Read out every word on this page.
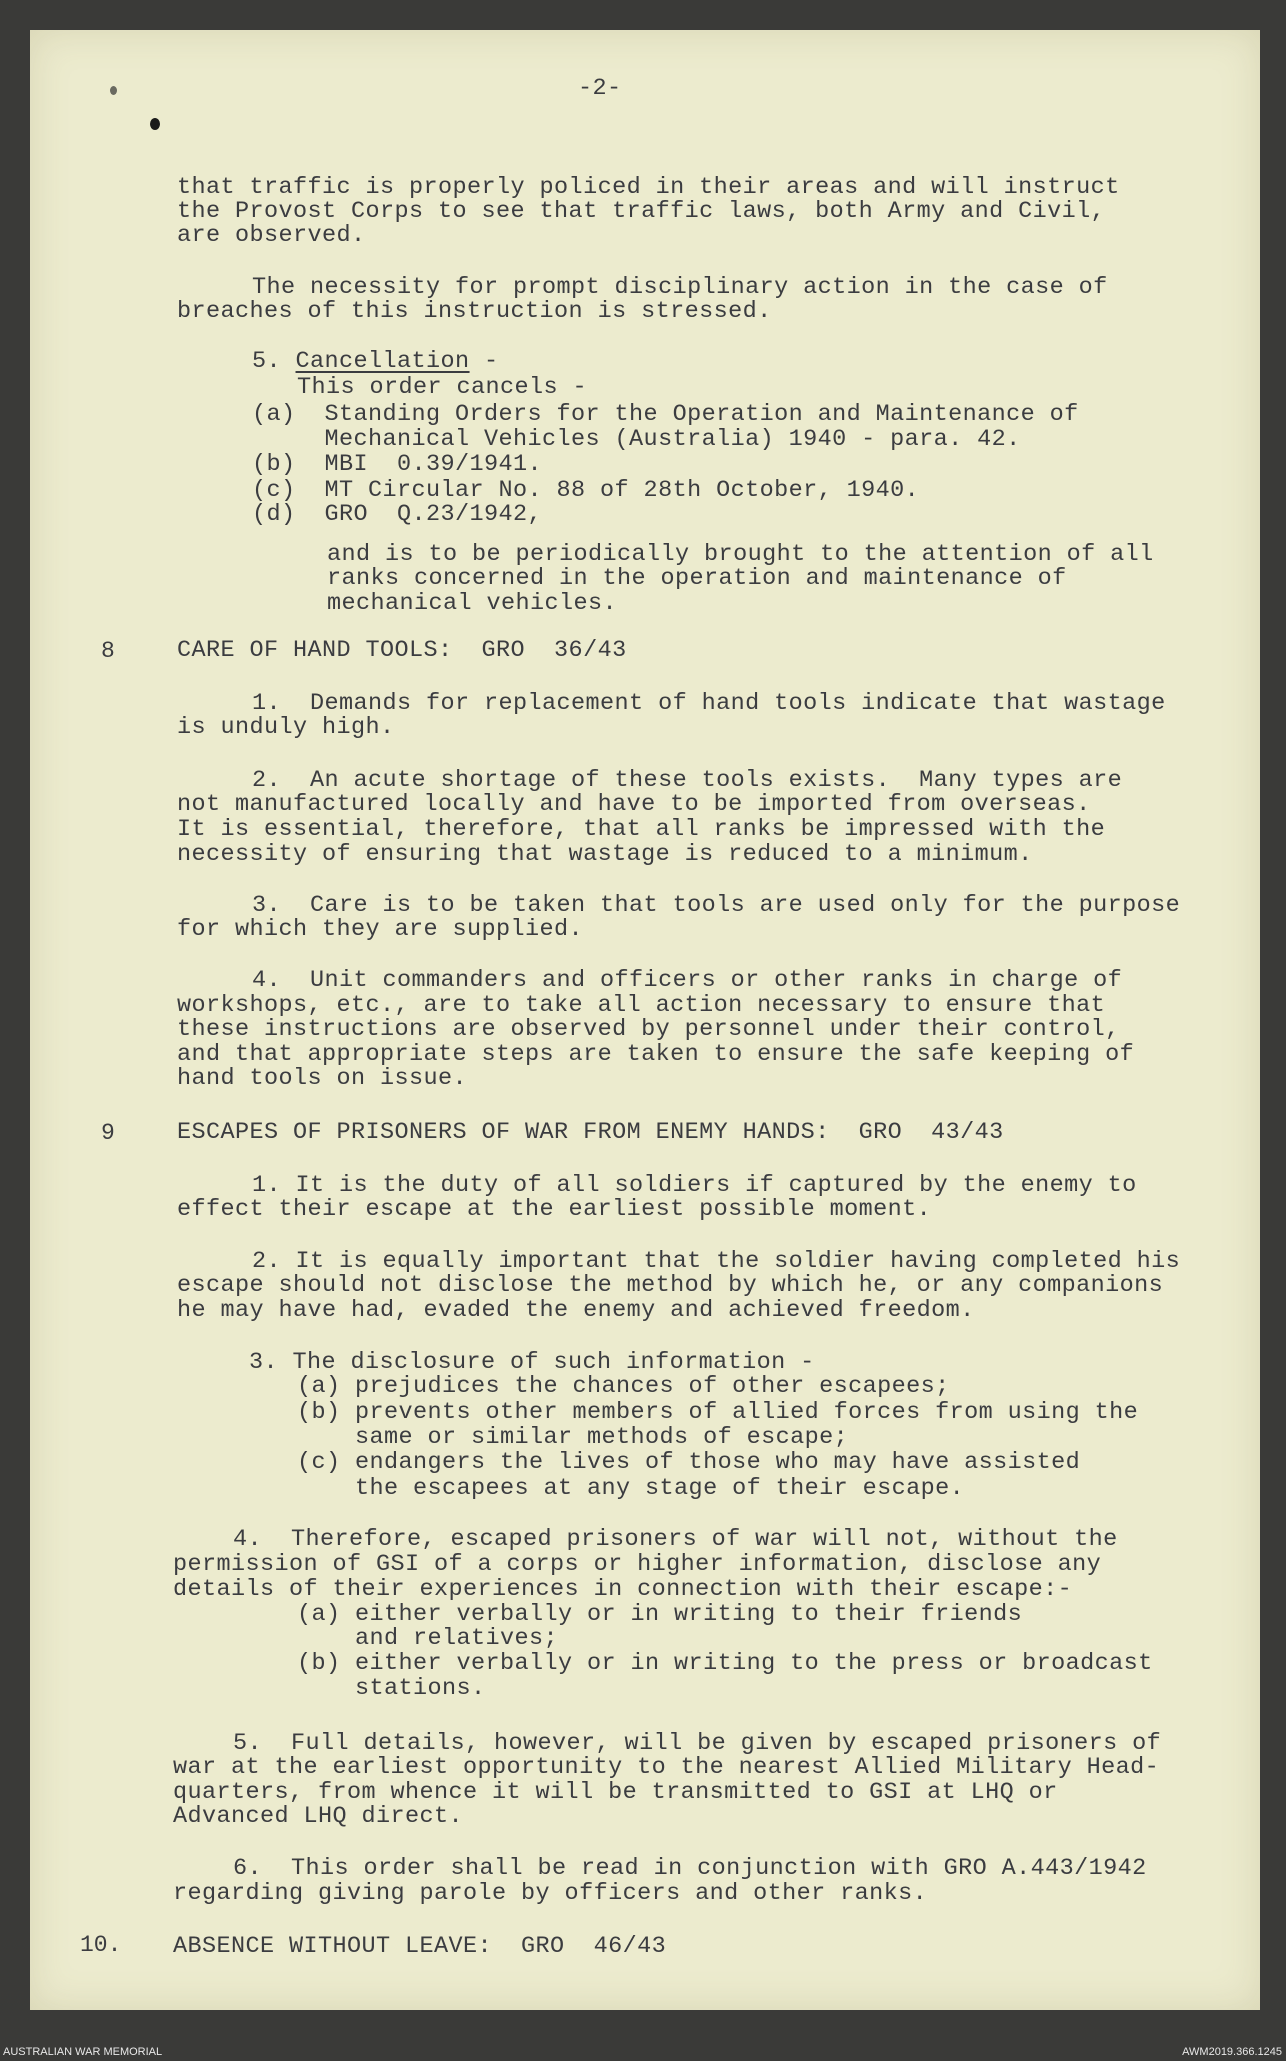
-2-
that traffic is properly policed in their areas and will instruct
the Provost Corps to see that traffic laws, both Army and Civil,
are observed.
The necessity for prompt disciplinary action in the case of
breaches of this instruction is stressed.
5. Cancellation -
This order cancels -
(a)  Standing Orders for the Operation and Maintenance of
Mechanical Vehicles (Australia) 1940 - para. 42.
(b)  MBI  0.39/1941.
(c)  MT Circular No. 88 of 28th October, 1940.
(d)  GRO  Q.23/1942,
and is to be periodically brought to the attention of all
ranks concerned in the operation and maintenance of
mechanical vehicles.
8	CARE OF HAND TOOLS:  GRO  36/43
1.  Demands for replacement of hand tools indicate that wastage
is unduly high.
2.  An acute shortage of these tools exists.  Many types are
not manufactured locally and have to be imported from overseas.
It is essential, therefore, that all ranks be impressed with the
necessity of ensuring that wastage is reduced to a minimum.
3.  Care is to be taken that tools are used only for the purpose
for which they are supplied.
4.  Unit commanders and officers or other ranks in charge of
workshops, etc., are to take all action necessary to ensure that
these instructions are observed by personnel under their control,
and that appropriate steps are taken to ensure the safe keeping of
hand tools on issue.
9	ESCAPES OF PRISONERS OF WAR FROM ENEMY HANDS:  GRO  43/43
1. It is the duty of all soldiers if captured by the enemy to
effect their escape at the earliest possible moment.
2. It is equally important that the soldier having completed his
escape should not disclose the method by which he, or any companions
he may have had, evaded the enemy and achieved freedom.
3. The disclosure of such information -
(a) prejudices the chances of other escapees;
(b) prevents other members of allied forces from using the
same or similar methods of escape;
(c) endangers the lives of those who may have assisted
the escapees at any stage of their escape.
4.  Therefore, escaped prisoners of war will not, without the
permission of GSI of a corps or higher information, disclose any
details of their experiences in connection with their escape:-
(a) either verbally or in writing to their friends
and relatives;
(b) either verbally or in writing to the press or broadcast
stations.
5.  Full details, however, will be given by escaped prisoners of
war at the earliest opportunity to the nearest Allied Military Head-
quarters, from whence it will be transmitted to GSI at LHQ or
Advanced LHQ direct.
6.  This order shall be read in conjunction with GRO A.443/1942
regarding giving parole by officers and other ranks.
10. ABSENCE WITHOUT LEAVE:  GRO  46/43
AUSTRALIAN WAR MEMORIAL	AWM2019.366.1245
